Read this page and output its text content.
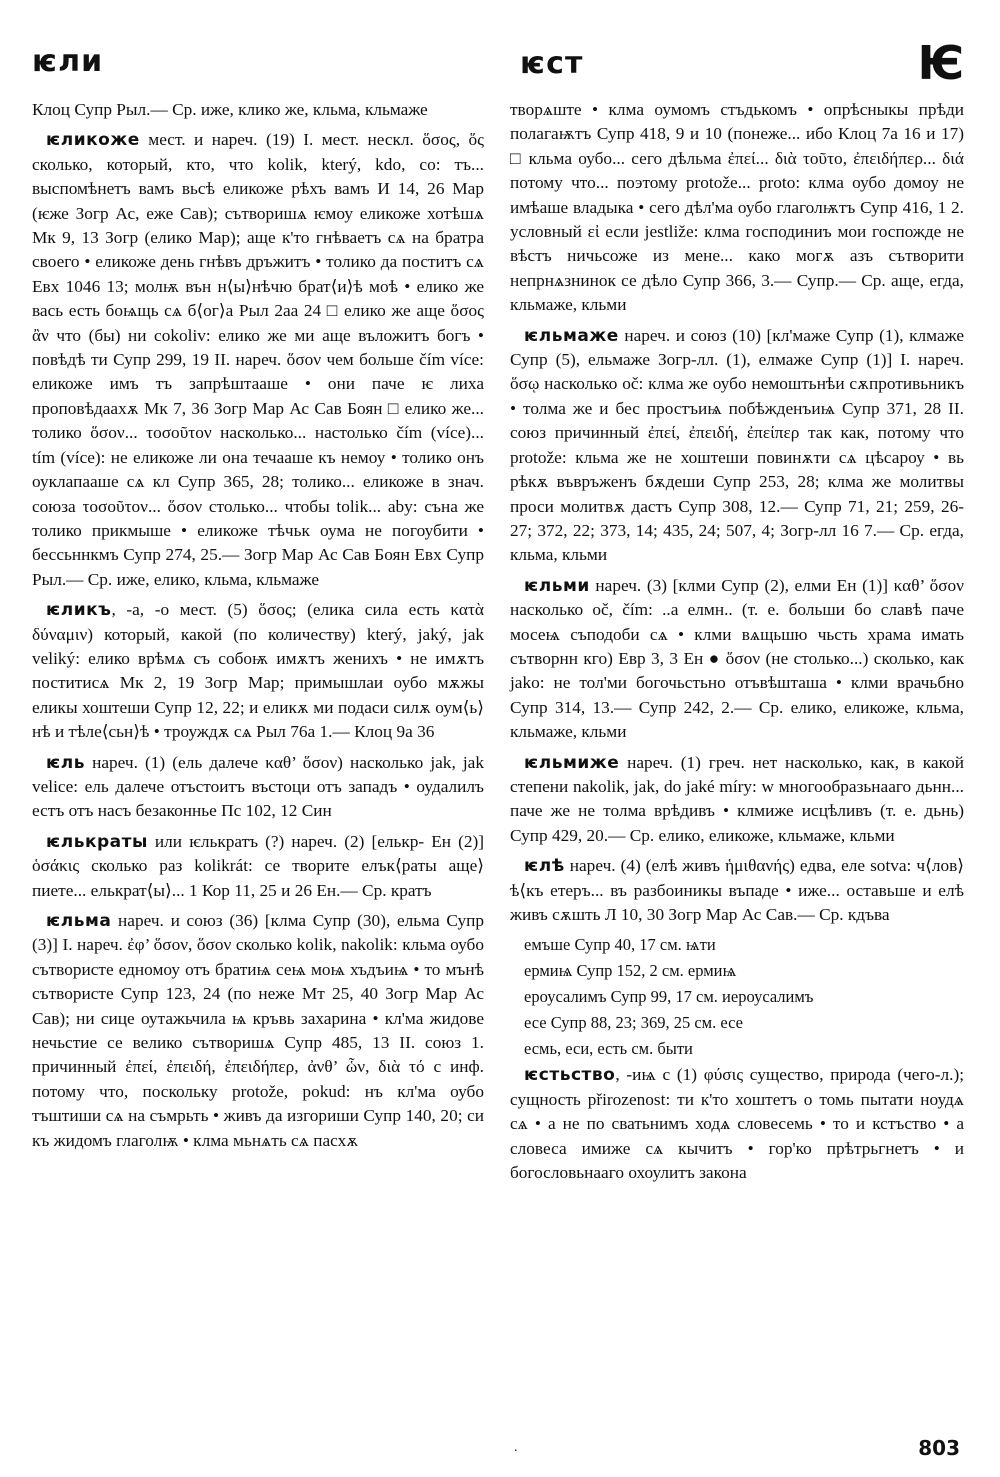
ѥли	ѥст	Ѥ

Клоц Супр Рыл.— Ср. иже, клико же, кльма, кльмаже

ѥликоже мест. и нареч. (19) I. мест. нескл. ὅσος, ὅς сколько, который, кто, что kolik, který, kdo, co: тъ... выспомѣнетъ вамъ вьсѣ еликоже рѣхъ вамъ И 14, 26 Мар (ѥже Зогр Ас, еже Сав); сътворишѧ ѥмоу еликоже хотѣшѧ Мк 9, 13 Зогр (елико Мар); аще к'то гнѣваетъ сѧ на братра своего • еликоже день гнѣвъ дръжитъ • толико да поститъ сѧ Евх 1046 13; молѭ вън н⟨ы⟩нѣчю брат⟨и⟩ѣ моѣ • елико же вась есть боѩщь сѧ б⟨ог⟩а Рыл 2аа 24 □ елико же аще ὅσος ἂν что (бы) ни cokoliv: елико же ми аще въложитъ богъ • повѣдѣ ти Супр 299, 19 II. нареч. ὅσον чем больше čím více: еликоже имъ тъ запрѣштааше • они паче ѥ лиха проповѣдаахѫ Мк 7, 36 Зогр Мар Ас Сав Боян □ елико же... толико ὅσον... τοσοῦτον насколько... настолько čím (více)... tím (více): не еликоже ли она течааше къ немоу • толико онъ оуклапааше сѧ кл Супр 365, 28; толико... еликоже в знач. союза τοσοῦτον... ὅσον столько... чтобы tolik... aby: съна же толико прикмыше • еликоже тѣчьк оума не погоубити • бессьннкмъ Супр 274, 25.— Зогр Мар Ас Сав Боян Евх Супр Рыл.— Ср. иже, елико, кльма, кльмаже

ѥликъ, -а, -о мест. (5) ὅσος; (елика сила есть κατὰ δύναμιν) который, какой (по количеству) který, jaký, jak veliký: елико врѣмѧ съ собоѭ имѫтъ женихъ • не имѫтъ поститисѧ Мк 2, 19 Зогр Мар; примышлаи оубо мѫжы еликы хоштеши Супр 12, 22; и еликѫ ми подаси силѫ оум⟨ь⟩нѣ и тѣле⟨сьн⟩ѣ • троуждѫ сѧ Рыл 76а 1.— Клоц 9а 36

ѥль нареч. (1) (ель далече καθ’ ὅσον) насколько jak, jak velice: ель далече отъстоитъ въстоци отъ западъ • оудалилъ естъ отъ насъ безаконнье Пс 102, 12 Син

ѥлькраты или ѥлькратъ (?) нареч. (2) [елькр- Ен (2)] ὁσάκις сколько раз kolikrát: се творите елък⟨раты аще⟩ пиете... елькрат⟨ы⟩... 1 Кор 11, 25 и 26 Ен.— Ср. кратъ

ѥльма нареч. и союз (36) [клма Супр (30), ельма Супр (3)] I. нареч. ἐφ’ ὅσον, ὅσον сколько kolik, nakolik: кльма оубо сътвористе едномоу отъ братиѩ сеѩ моѩ хъдъиѩ • то мънѣ сътвористе Супр 123, 24 (по неже Мт 25, 40 Зогр Мар Ас Сав); ни сице оутажьчила ѩ кръвь захарина • кл'ма жидове нечьстие се велико сътворишѧ Супр 485, 13 II. союз 1. причинный ἐπεί, ἐπειδή, ἐπειδήπερ, ἀνθ’ ὧν, διὰ τό с инф. потому что, поскольку protože, pokud: нъ кл'ма оубо тъштиши сѧ на съмрьть • живъ да изгориши Супр 140, 20; си къ жидомъ глаголѭ • клма мьнѧть сѧ пасхѫ

творѧште • клма оумомъ стъдькомъ • опрѣсныкы прѣди полагаѭтъ Супр 418, 9 и 10 (понеже... ибо Клоц 7а 16 и 17) □ кльма оубо... сего дѣльма ἐπεί... διὰ τοῦτο, ἐπειδήπερ... διά потому что... поэтому protože... proto: клма оубо домоу не имѣаше владыка • сего дѣл'ма оубо глаголѭтъ Супр 416, 1 2. условный εἰ если jestliže: клма господиниъ мои госпожде не вѣстъ ничьсоже из мене... како могѫ азъ сътворити непрнѧзнинок се дѣло Супр 366, 3.— Супр.— Ср. аще, егда, кльмаже, кльми

ѥльмаже нареч. и союз (10) [кл'маже Супр (1), клмаже Супр (5), ельмаже Зогр-лл. (1), елмаже Супр (1)] I. нареч. ὅσῳ насколько oč: клма же оубо немоштьнѣи сѫпротивьникъ • толма же и бес простъиѩ побѣжденъиѩ Супр 371, 28 II. союз причинный ἐπεί, ἐπειδή, ἐπείπερ так как, потому что protože: кльма же не хоштеши повинѫти сѧ цѣсароу • вь рѣкѫ въвръженъ бѫдеши Супр 253, 28; клма же молитвы проси молитвѫ дастъ Супр 308, 12.— Супр 71, 21; 259, 26-27; 372, 22; 373, 14; 435, 24; 507, 4; Зогр-лл 16 7.— Ср. егда, кльма, кльми

ѥльми нареч. (3) [клми Супр (2), елми Ен (1)] καθ’ ὅσον насколько oč, čím: ..а елмн.. (т. е. больши бо славѣ паче мосеѩ съподоби сѧ • клми вѧщьшю чьсть храма имать сътворнн кго) Евр 3, 3 Ен ● ὅσον (не столько...) сколько, как jako: не тол'ми богочьстьно отъвѣшташа • клми врачьбно Супр 314, 13.— Супр 242, 2.— Ср. елико, еликоже, кльма, кльмаже, кльми

ѥльмиже нареч. (1) греч. нет насколько, как, в какой степени nakolik, jak, do jaké míry: w многообразьнааго дьнн... паче же не толма врѣдивъ • клмиже исцѣливъ (т. е. дьнь) Супр 429, 20.— Ср. елико, еликоже, кльмаже, кльми

ѥлѣ нареч. (4) (елѣ живъ ἡμιθανής) едва, еле sotva: ч⟨лов⟩ѣ⟨къ етеръ... въ разбоиникы въпаде • иже... оставьше и елѣ живъ сѫшть Л 10, 30 Зогр Мар Ас Сав.— Ср. кдъва

емъше Супр 40, 17 см. ѩти

ермиѩ Супр 152, 2 см. ермиѩ

ероусалимъ Супр 99, 17 см. иероусалимъ

есе Супр 88, 23; 369, 25 см. есе

есмь, еси, есть см. быти

ѥстьство, -иѩ с (1) φύσις существо, природа (чего-л.); сущность přirozenost: ти к'то хоштетъ о томь пытати ноудѧ сѧ • а не по сватьнимъ ходѧ словесемь • то и кстъство • а словеса имиже сѧ кычитъ • гор'ко прѣтрьгнетъ • и богословьнааго охоулитъ закона

.	803
